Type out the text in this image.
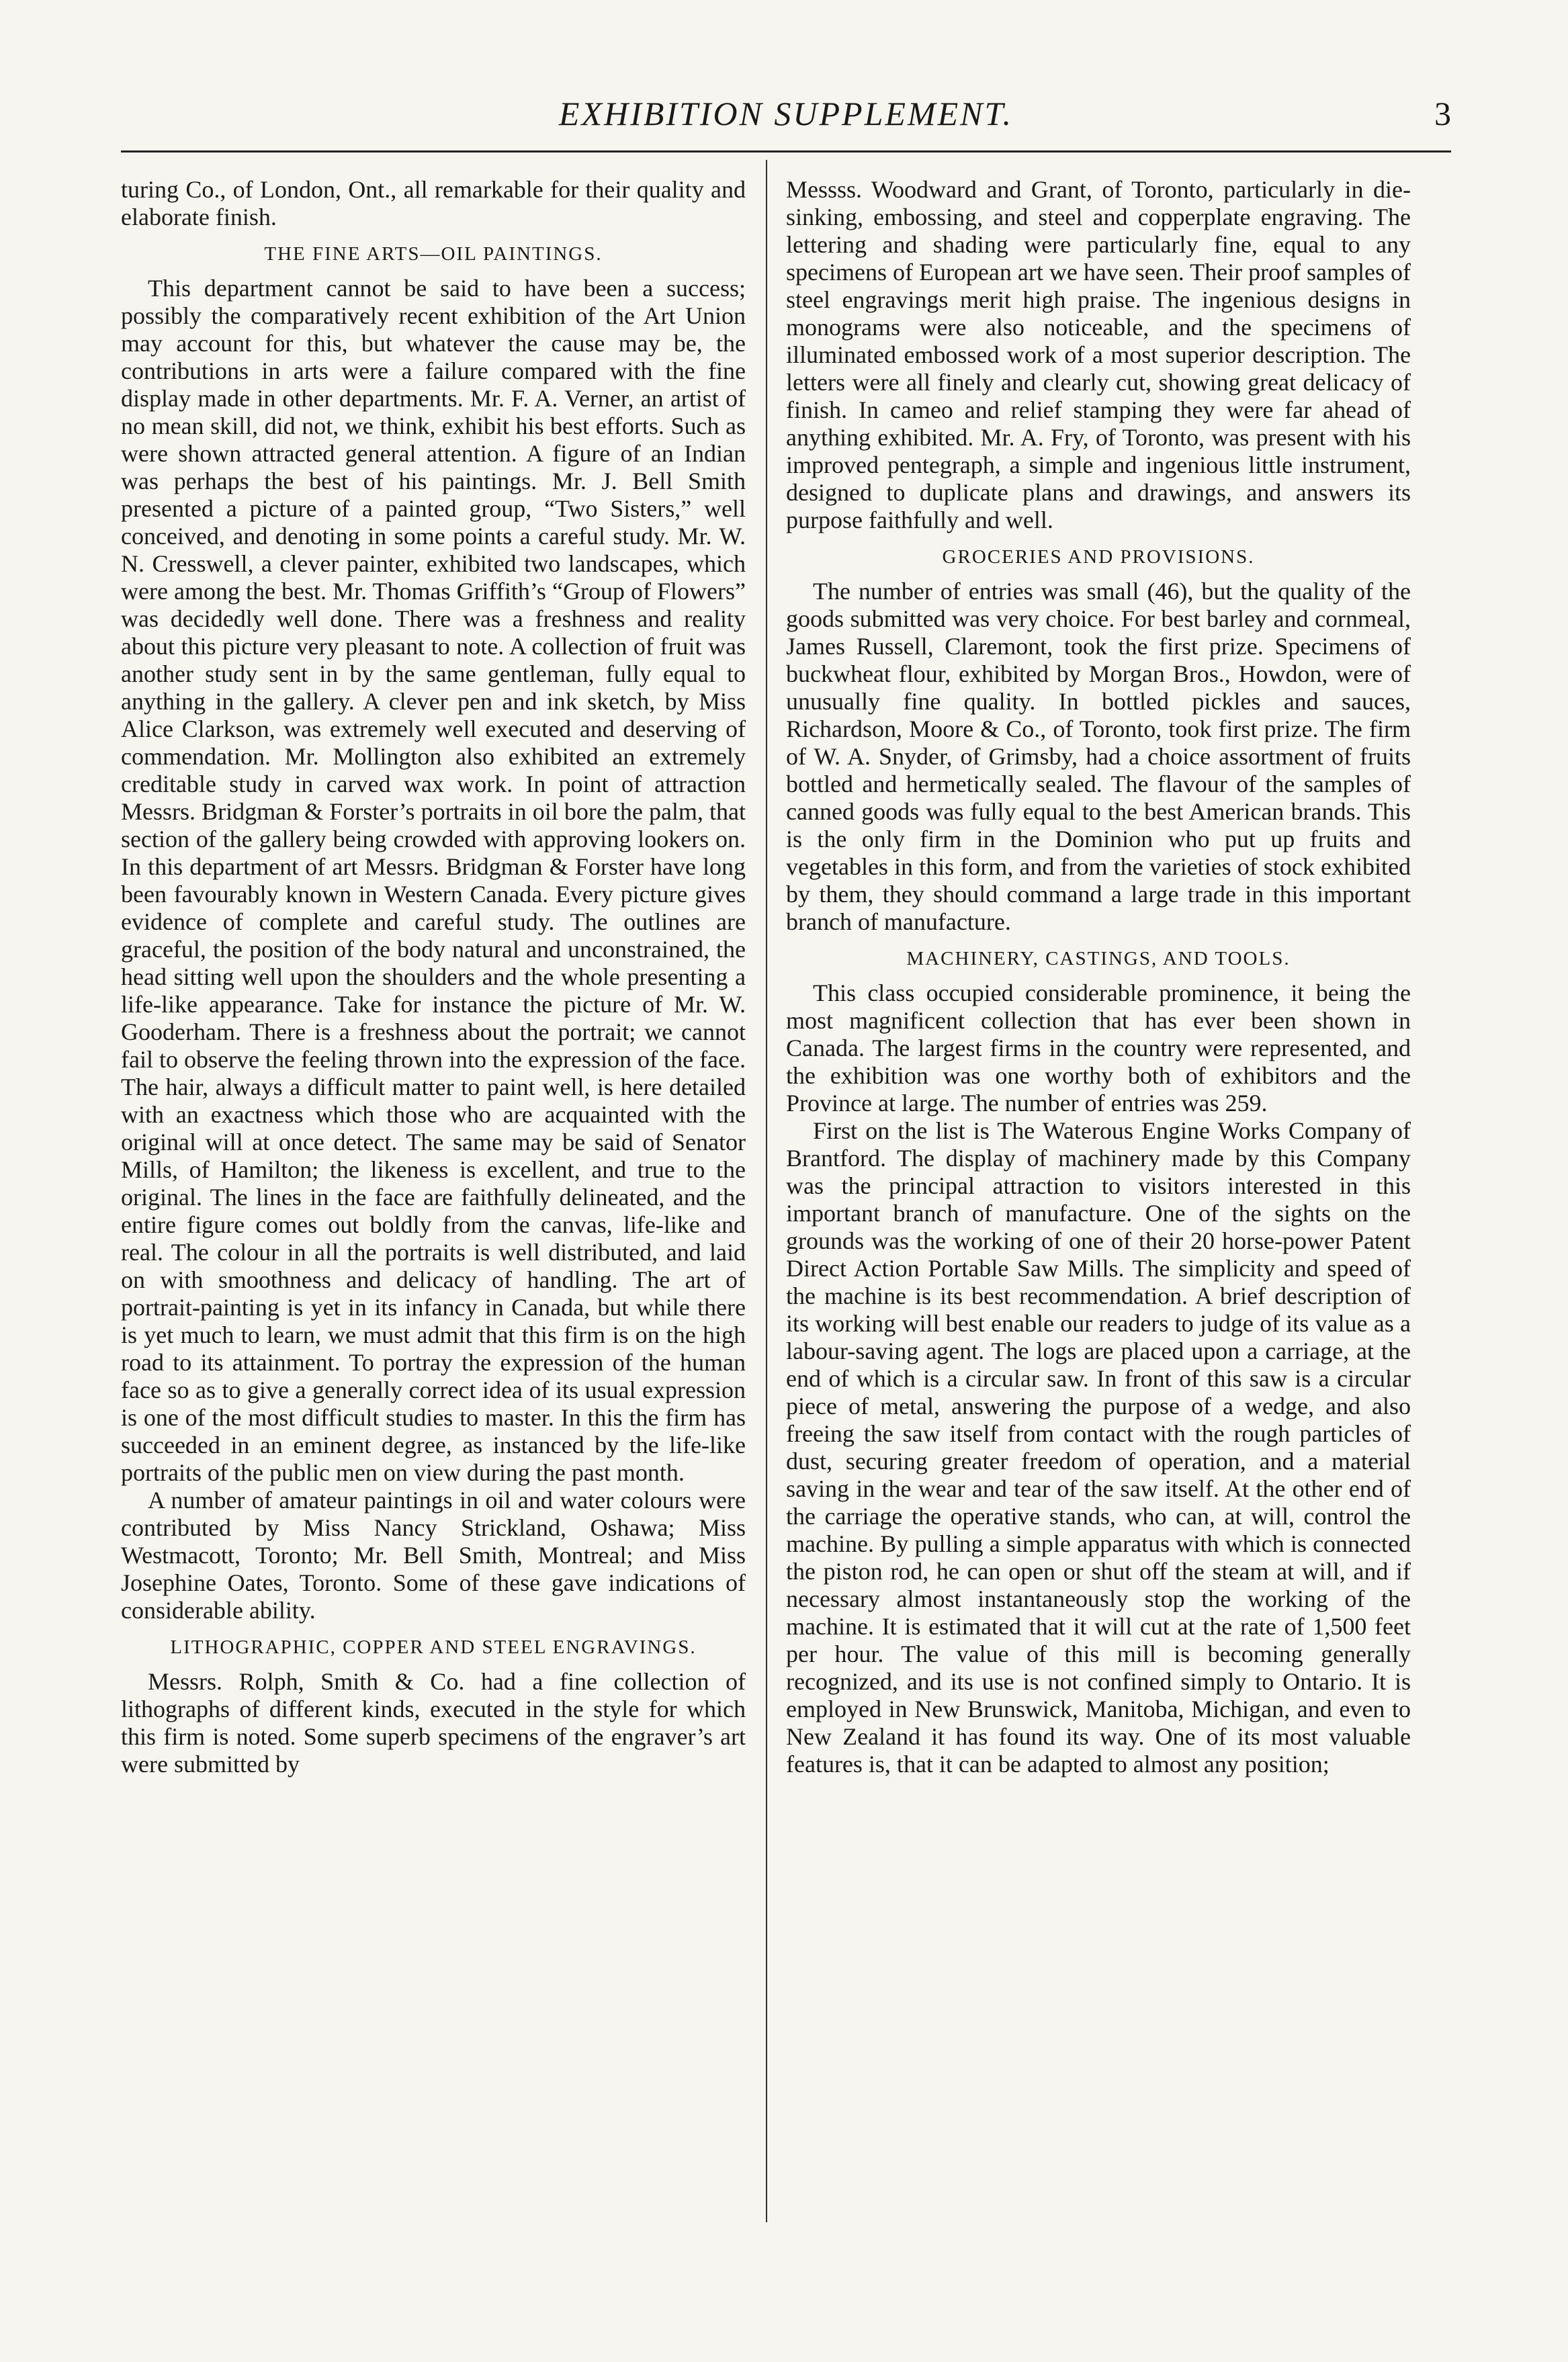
EXHIBITION SUPPLEMENT.	3

turing Co., of London, Ont., all remarkable for their quality and elaborate finish.

THE FINE ARTS—OIL PAINTINGS.

This department cannot be said to have been a success; possibly the comparatively recent exhibition of the Art Union may account for this, but whatever the cause may be, the contributions in arts were a failure compared with the fine display made in other departments. Mr. F. A. Verner, an artist of no mean skill, did not, we think, exhibit his best efforts. Such as were shown attracted general attention. A figure of an Indian was perhaps the best of his paintings. Mr. J. Bell Smith presented a picture of a painted group, “Two Sisters,” well conceived, and denoting in some points a careful study. Mr. W. N. Cresswell, a clever painter, exhibited two landscapes, which were among the best. Mr. Thomas Griffith’s “Group of Flowers” was decidedly well done. There was a freshness and reality about this picture very pleasant to note. A collection of fruit was another study sent in by the same gentleman, fully equal to anything in the gallery. A clever pen and ink sketch, by Miss Alice Clarkson, was extremely well executed and deserving of commendation. Mr. Mollington also exhibited an extremely creditable study in carved wax work. In point of attraction Messrs. Bridgman & Forster’s portraits in oil bore the palm, that section of the gallery being crowded with approving lookers on. In this department of art Messrs. Bridgman & Forster have long been favourably known in Western Canada. Every picture gives evidence of complete and careful study. The outlines are graceful, the position of the body natural and unconstrained, the head sitting well upon the shoulders and the whole presenting a life-like appearance. Take for instance the picture of Mr. W. Gooderham. There is a freshness about the portrait; we cannot fail to observe the feeling thrown into the expression of the face. The hair, always a difficult matter to paint well, is here detailed with an exactness which those who are acquainted with the original will at once detect. The same may be said of Senator Mills, of Hamilton; the likeness is excellent, and true to the original. The lines in the face are faithfully delineated, and the entire figure comes out boldly from the canvas, life-like and real. The colour in all the portraits is well distributed, and laid on with smoothness and delicacy of handling. The art of portrait-painting is yet in its infancy in Canada, but while there is yet much to learn, we must admit that this firm is on the high road to its attainment. To portray the expression of the human face so as to give a generally correct idea of its usual expression is one of the most difficult studies to master. In this the firm has succeeded in an eminent degree, as instanced by the life-like portraits of the public men on view during the past month.

A number of amateur paintings in oil and water colours were contributed by Miss Nancy Strickland, Oshawa; Miss Westmacott, Toronto; Mr. Bell Smith, Montreal; and Miss Josephine Oates, Toronto. Some of these gave indications of considerable ability.

LITHOGRAPHIC, COPPER AND STEEL ENGRAVINGS.

Messrs. Rolph, Smith & Co. had a fine collection of lithographs of different kinds, executed in the style for which this firm is noted. Some superb specimens of the engraver’s art were submitted by

Messss. Woodward and Grant, of Toronto, particularly in die-sinking, embossing, and steel and copperplate engraving. The lettering and shading were particularly fine, equal to any specimens of European art we have seen. Their proof samples of steel engravings merit high praise. The ingenious designs in monograms were also noticeable, and the specimens of illuminated embossed work of a most superior description. The letters were all finely and clearly cut, showing great delicacy of finish. In cameo and relief stamping they were far ahead of anything exhibited. Mr. A. Fry, of Toronto, was present with his improved pentegraph, a simple and ingenious little instrument, designed to duplicate plans and drawings, and answers its purpose faithfully and well.

GROCERIES AND PROVISIONS.

The number of entries was small (46), but the quality of the goods submitted was very choice. For best barley and cornmeal, James Russell, Claremont, took the first prize. Specimens of buckwheat flour, exhibited by Morgan Bros., Howdon, were of unusually fine quality. In bottled pickles and sauces, Richardson, Moore & Co., of Toronto, took first prize. The firm of W. A. Snyder, of Grimsby, had a choice assortment of fruits bottled and hermetically sealed. The flavour of the samples of canned goods was fully equal to the best American brands. This is the only firm in the Dominion who put up fruits and vegetables in this form, and from the varieties of stock exhibited by them, they should command a large trade in this important branch of manufacture.

MACHINERY, CASTINGS, AND TOOLS.

This class occupied considerable prominence, it being the most magnificent collection that has ever been shown in Canada. The largest firms in the country were represented, and the exhibition was one worthy both of exhibitors and the Province at large. The number of entries was 259.

First on the list is The Waterous Engine Works Company of Brantford. The display of machinery made by this Company was the principal attraction to visitors interested in this important branch of manufacture. One of the sights on the grounds was the working of one of their 20 horse-power Patent Direct Action Portable Saw Mills. The simplicity and speed of the machine is its best recommendation. A brief description of its working will best enable our readers to judge of its value as a labour-saving agent. The logs are placed upon a carriage, at the end of which is a circular saw. In front of this saw is a circular piece of metal, answering the purpose of a wedge, and also freeing the saw itself from contact with the rough particles of dust, securing greater freedom of operation, and a material saving in the wear and tear of the saw itself. At the other end of the carriage the operative stands, who can, at will, control the machine. By pulling a simple apparatus with which is connected the piston rod, he can open or shut off the steam at will, and if necessary almost instantaneously stop the working of the machine. It is estimated that it will cut at the rate of 1,500 feet per hour. The value of this mill is becoming generally recognized, and its use is not confined simply to Ontario. It is employed in New Brunswick, Manitoba, Michigan, and even to New Zealand it has found its way. One of its most valuable features is, that it can be adapted to almost any position;
